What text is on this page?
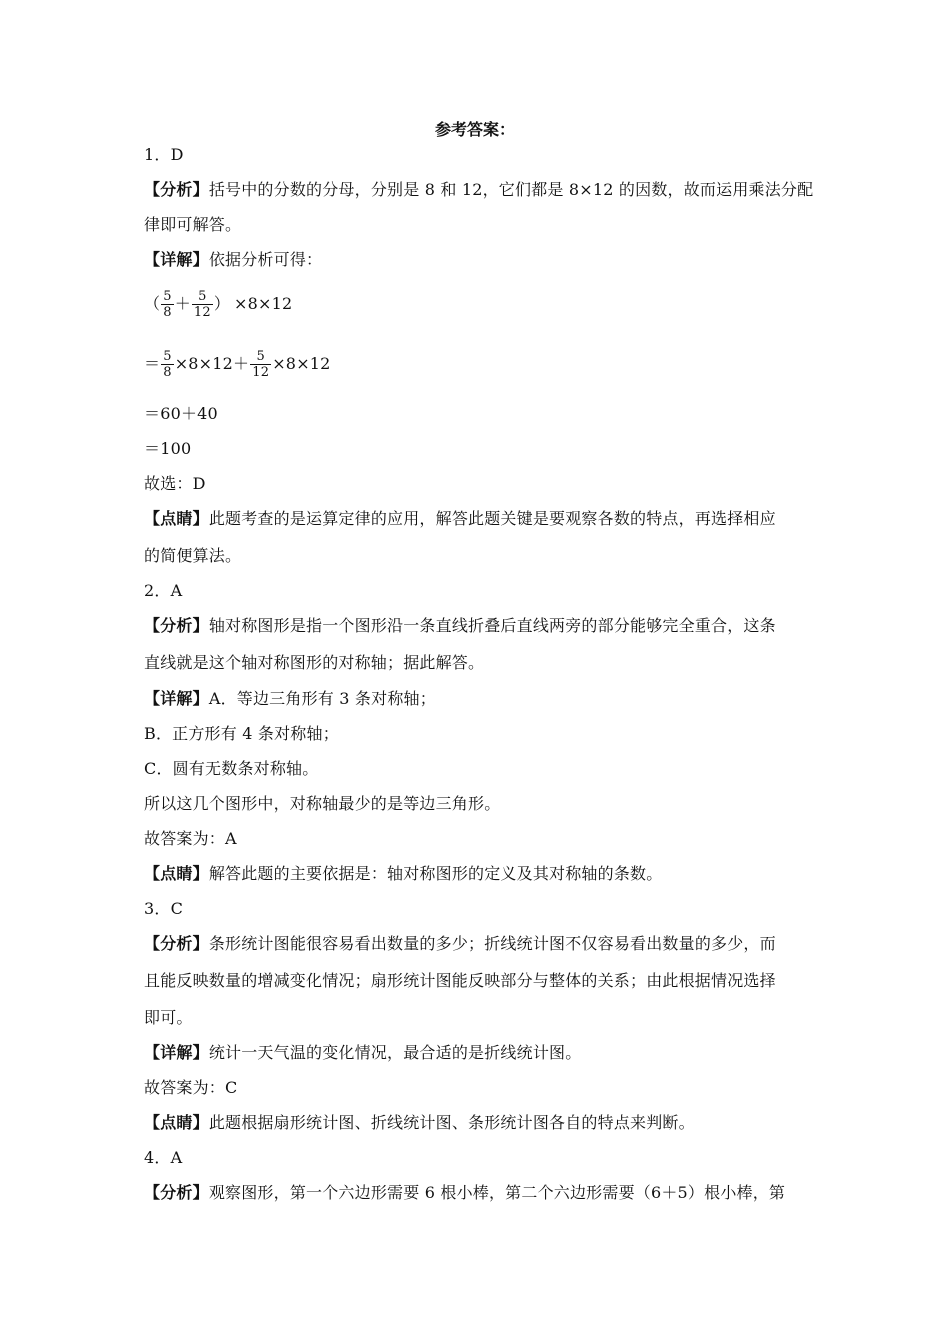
参考答案：
1．D
【分析】括号中的分数的分母，分别是 8 和 12，它们都是 8×12 的因数，故而运用乘法分配
律即可解答。
【详解】依据分析可得：
（ $\frac{5}{8} + \frac{5}{12}$ ） ×8×12
＝ $\frac{5}{8} \times 8\times 12+ \frac{5}{12} \times 8\times 12$
＝60＋40
＝100
故选：D
【点睛】此题考查的是运算定律的应用，解答此题关键是要观察各数的特点，再选择相应
的简便算法。
2．A
【分析】轴对称图形是指一个图形沿一条直线折叠后直线两旁的部分能够完全重合，这条
直线就是这个轴对称图形的对称轴；据此解答。
【详解】A．等边三角形有 3 条对称轴；
B．正方形有 4 条对称轴；
C．圆有无数条对称轴。
所以这几个图形中，对称轴最少的是等边三角形。
故答案为：A
【点睛】解答此题的主要依据是：轴对称图形的定义及其对称轴的条数。
3．C
【分析】条形统计图能很容易看出数量的多少；折线统计图不仅容易看出数量的多少，而
且能反映数量的增减变化情况；扇形统计图能反映部分与整体的关系；由此根据情况选择
即可。
【详解】统计一天气温的变化情况，最合适的是折线统计图。
故答案为：C
【点睛】此题根据扇形统计图、折线统计图、条形统计图各自的特点来判断。
4．A
【分析】观察图形，第一个六边形需要 6 根小棒，第二个六边形需要（6＋5）根小棒，第
